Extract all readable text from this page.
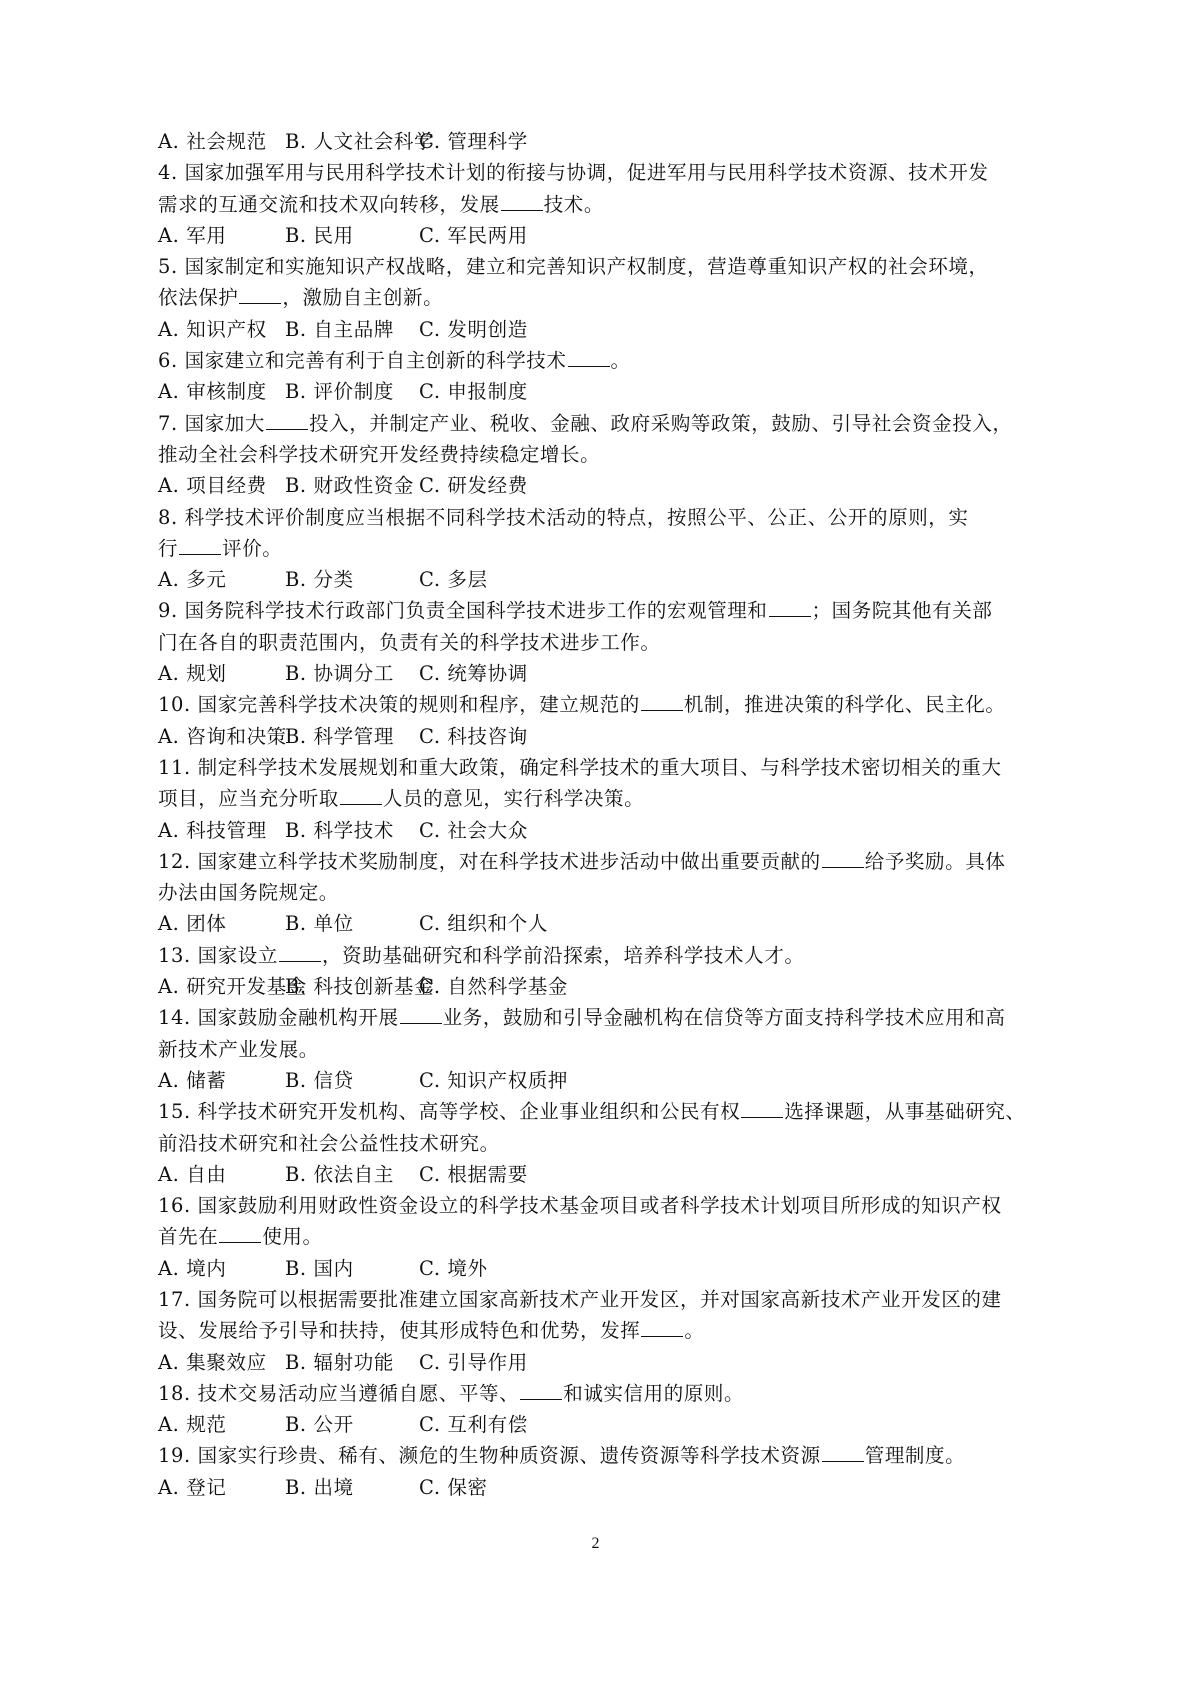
A. 社会规范 B. 人文社会科学
C. 管理科学
4. 国家加强军用与民用科学技术计划的衔接与协调，促进军用与民用科学技术资源、技术开发
需求的互通交流和技术双向转移，发展 技术。
A. 军用	B. 民用	C. 军民两用
5. 国家制定和实施知识产权战略，建立和完善知识产权制度，营造尊重知识产权的社会环境，
依法保护 ，激励自主创新。
A. 知识产权 B. 自主品牌	C. 发明创造
6. 国家建立和完善有利于自主创新的科学技术 。
A. 审核制度 B. 评价制度	C. 申报制度
7. 国家加大 投入，并制定产业、税收、金融、政府采购等政策，鼓励、引导社会资金投入，
推动全社会科学技术研究开发经费持续稳定增长。
A. 项目经费 B. 财政性资金 C. 研发经费
8. 科学技术评价制度应当根据不同科学技术活动的特点，按照公平、公正、公开的原则，实
行 评价。
A. 多元	B. 分类	C. 多层
9. 国务院科学技术行政部门负责全国科学技术进步工作的宏观管理和 ；国务院其他有关部
门在各自的职责范围内，负责有关的科学技术进步工作。
A. 规划	B. 协调分工	C. 统筹协调
10. 国家完善科学技术决策的规则和程序，建立规范的 机制，推进决策的科学化、民主化。
A. 咨询和决策
B. 科学管理	C. 科技咨询
11. 制定科学技术发展规划和重大政策，确定科学技术的重大项目、与科学技术密切相关的重大
项目，应当充分听取 人员的意见，实行科学决策。
A. 科技管理 B. 科学技术	C. 社会大众
12. 国家建立科学技术奖励制度，对在科学技术进步活动中做出重要贡献的 给予奖励。具体
办法由国务院规定。
A. 团体	B. 单位	C. 组织和个人
13. 国家设立 ，资助基础研究和科学前沿探索，培养科学技术人才。
A. 研究开发基金
B. 科技创新基金
C. 自然科学基金
14. 国家鼓励金融机构开展 业务，鼓励和引导金融机构在信贷等方面支持科学技术应用和高
新技术产业发展。
A. 储蓄	B. 信贷	C. 知识产权质押
15. 科学技术研究开发机构、高等学校、企业事业组织和公民有权 选择课题，从事基础研究、
前沿技术研究和社会公益性技术研究。
A. 自由	B. 依法自主	C. 根据需要
16. 国家鼓励利用财政性资金设立的科学技术基金项目或者科学技术计划项目所形成的知识产权
首先在 使用。
A. 境内	B. 国内	C. 境外
17. 国务院可以根据需要批准建立国家高新技术产业开发区，并对国家高新技术产业开发区的建
设、发展给予引导和扶持，使其形成特色和优势，发挥 。
A. 集聚效应 B. 辐射功能	C. 引导作用
18. 技术交易活动应当遵循自愿、平等、 和诚实信用的原则。
A. 规范	B. 公开	C. 互利有偿
19. 国家实行珍贵、稀有、濒危的生物种质资源、遗传资源等科学技术资源 管理制度。
A. 登记	B. 出境	C. 保密
2
